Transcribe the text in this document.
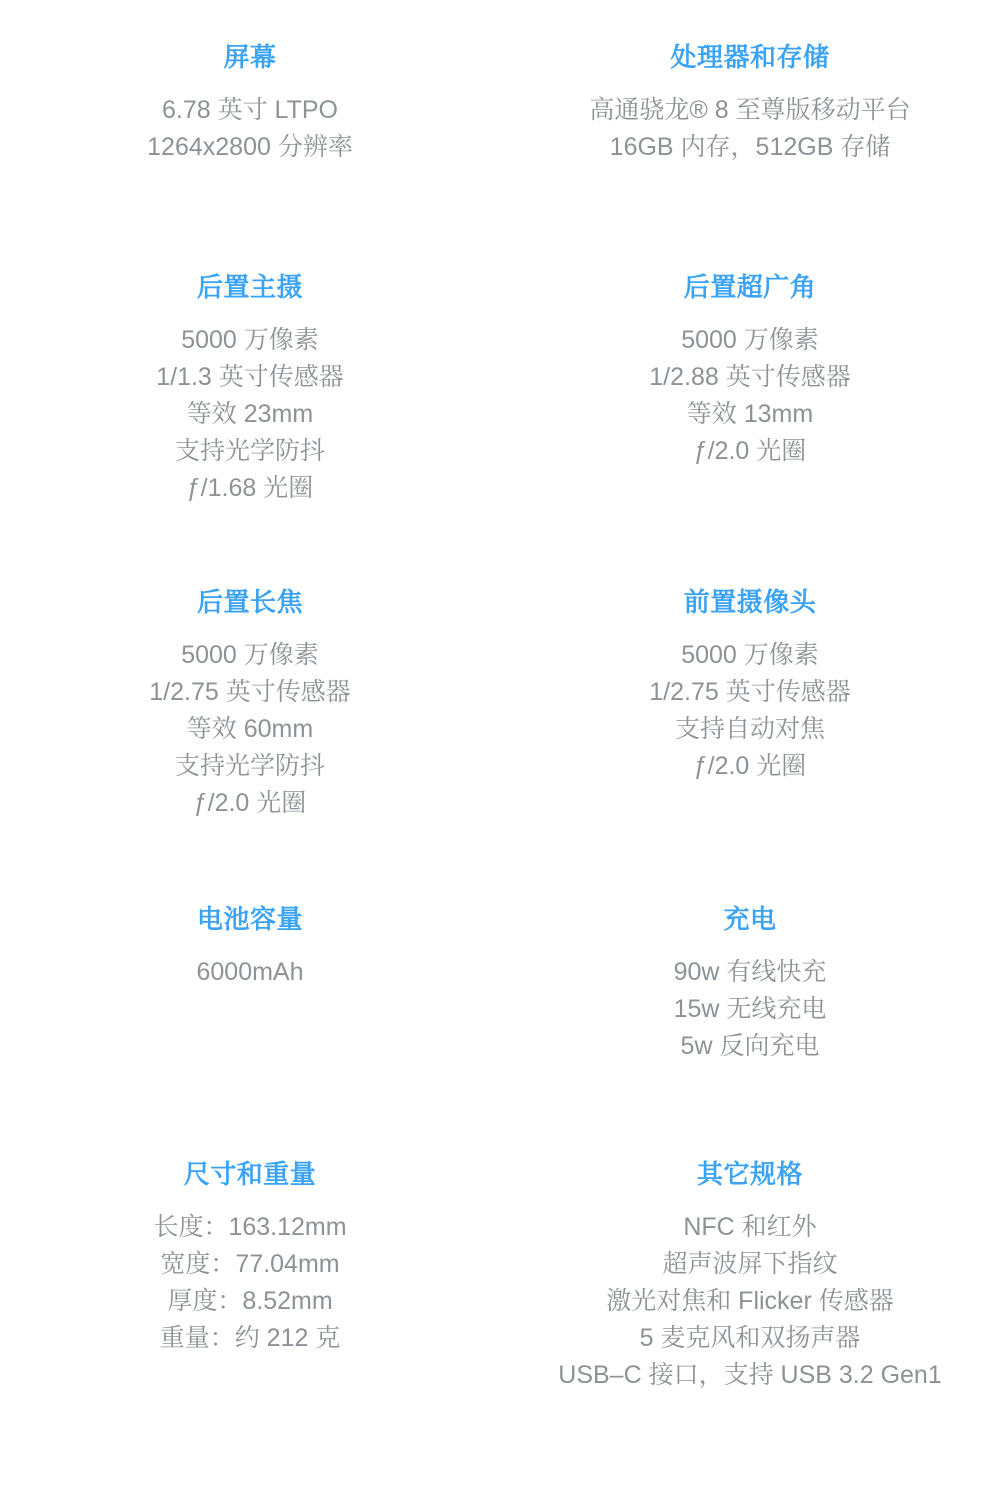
屏幕
6.78 英寸 LTPO
1264x2800 分辨率
处理器和存储
高通骁龙® 8 至尊版移动平台
16GB 内存，512GB 存储
后置主摄
5000 万像素
1/1.3 英寸传感器
等效 23mm
支持光学防抖
ƒ/1.68 光圈
后置超广角
5000 万像素
1/2.88 英寸传感器
等效 13mm
ƒ/2.0 光圈
后置长焦
5000 万像素
1/2.75 英寸传感器
等效 60mm
支持光学防抖
ƒ/2.0 光圈
前置摄像头
5000 万像素
1/2.75 英寸传感器
支持自动对焦
ƒ/2.0 光圈
电池容量
6000mAh
充电
90w 有线快充
15w 无线充电
5w 反向充电
尺寸和重量
长度：163.12mm
宽度：77.04mm
厚度：8.52mm
重量：约 212 克
其它规格
NFC 和红外
超声波屏下指纹
激光对焦和 Flicker 传感器
5 麦克风和双扬声器
USB–C 接口，支持 USB 3.2 Gen1
